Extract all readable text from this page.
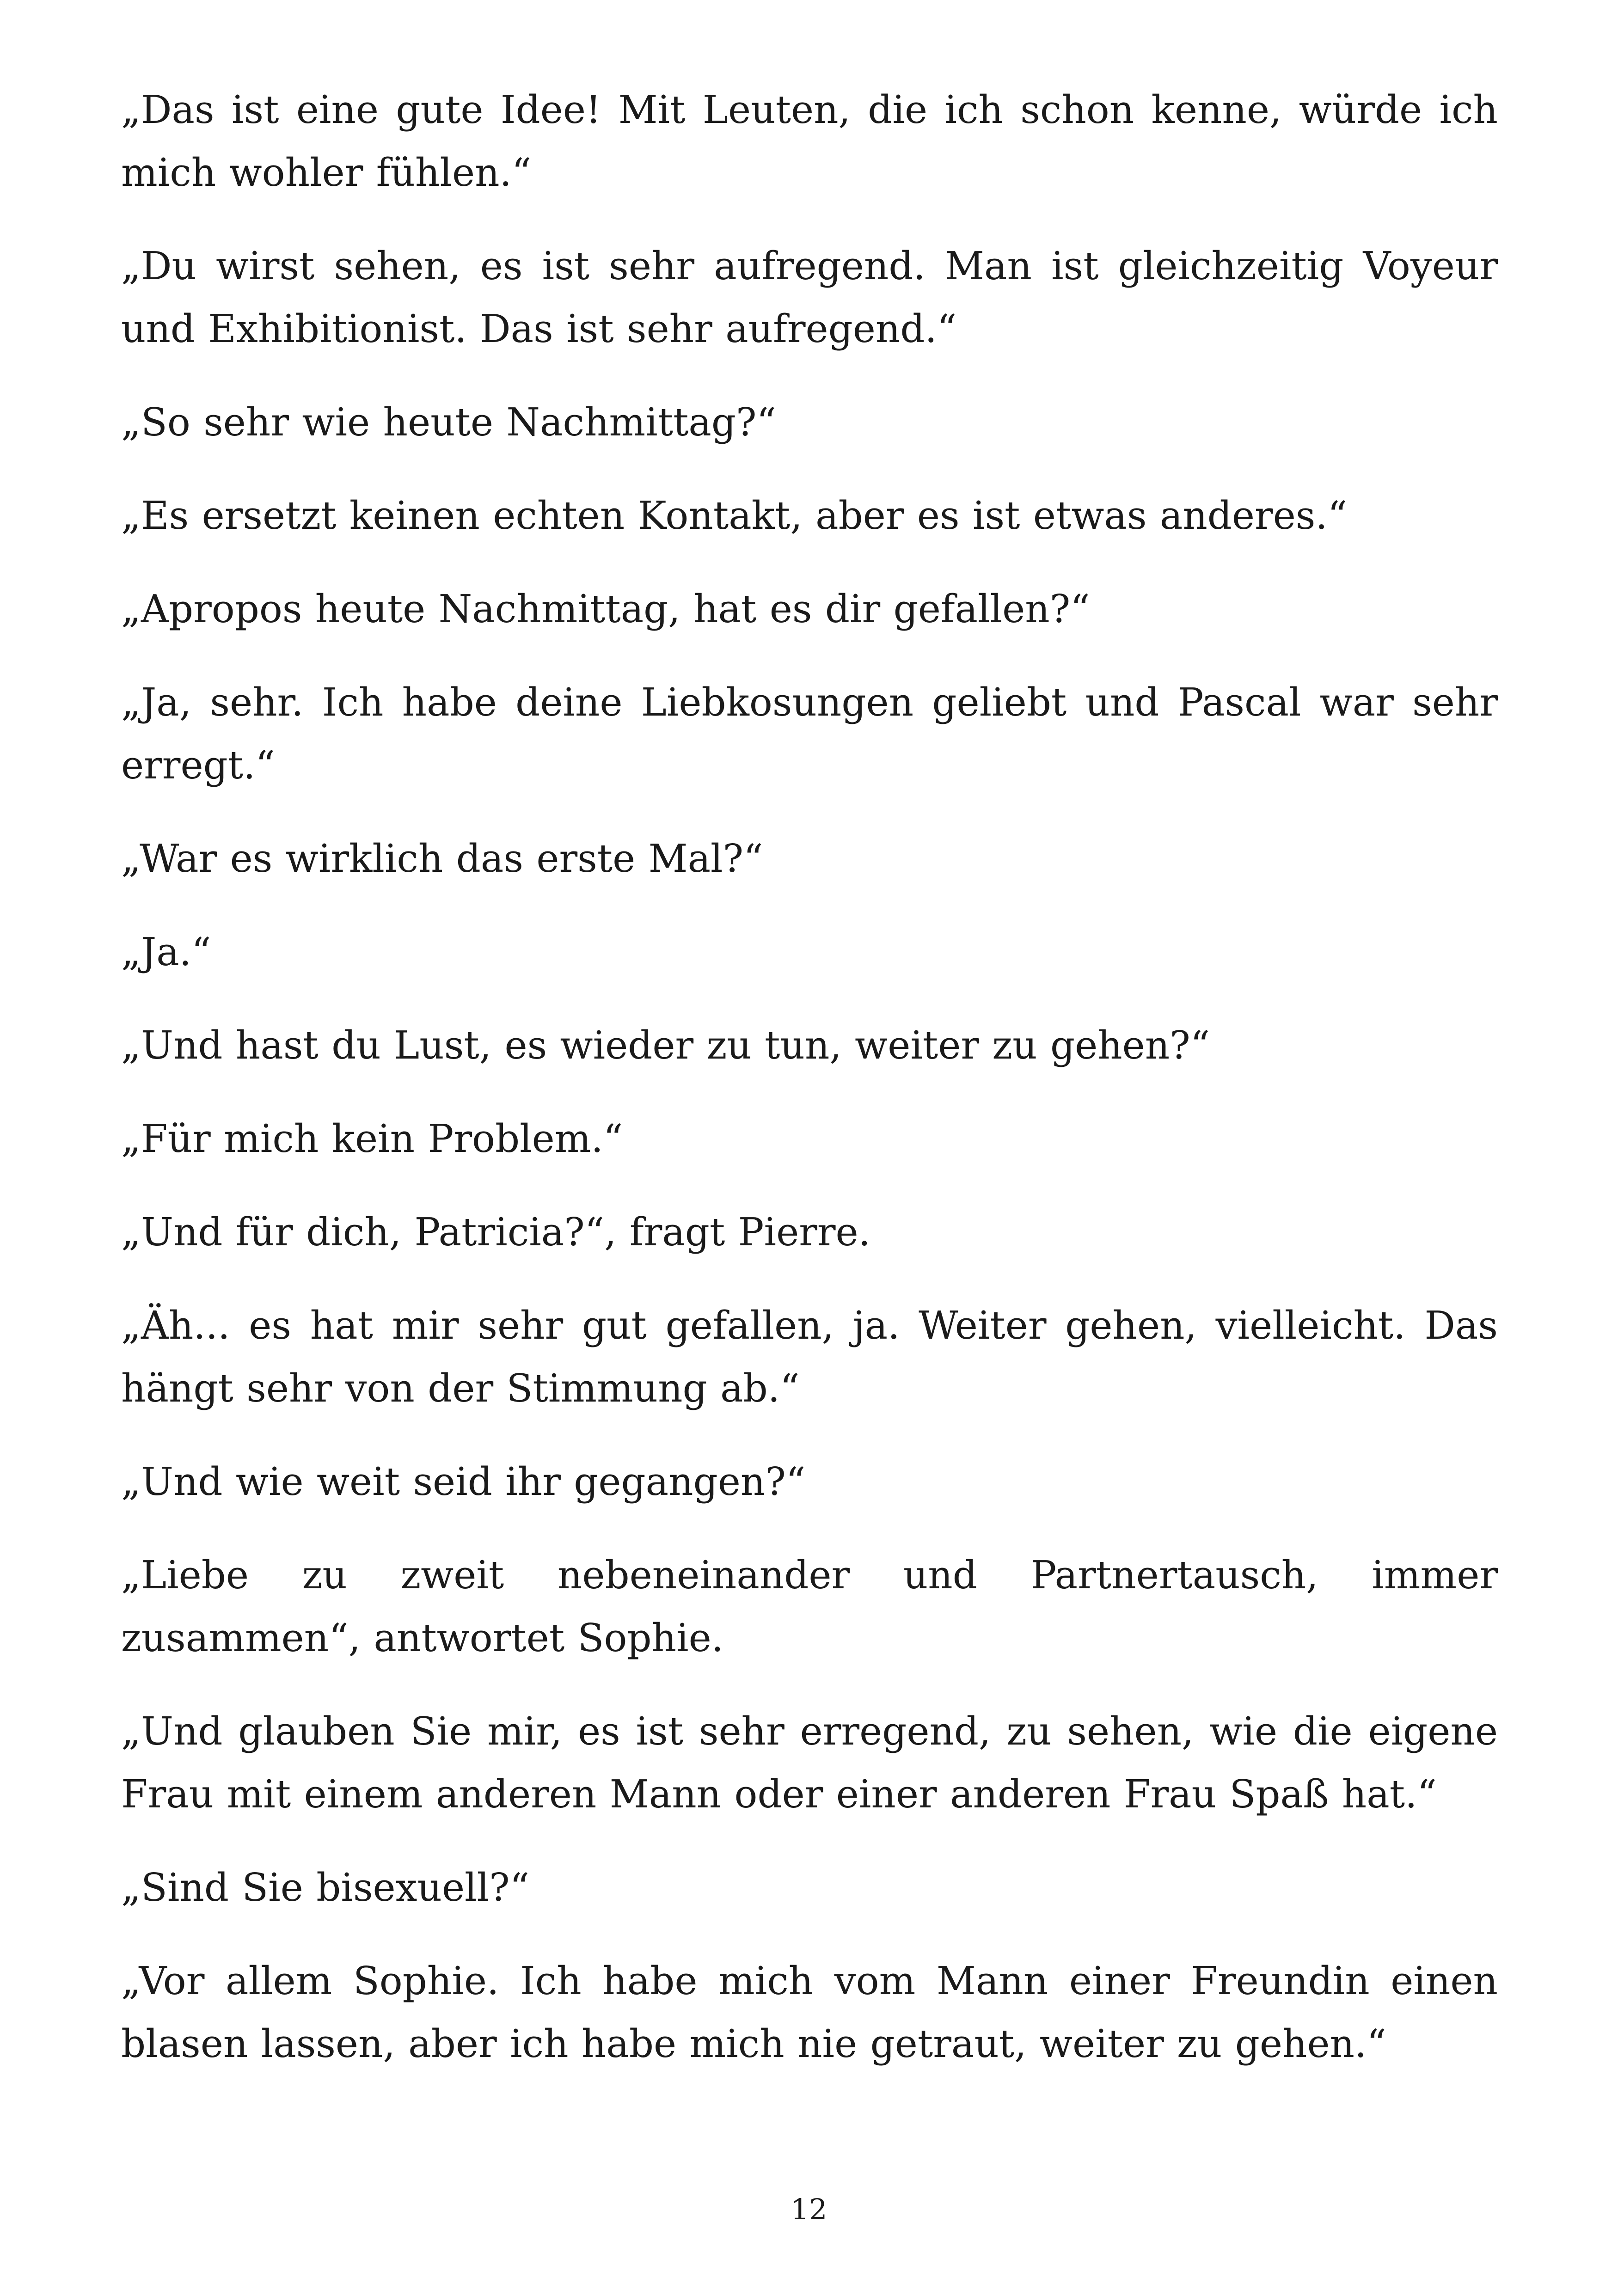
„Das ist eine gute Idee! Mit Leuten, die ich schon kenne, würde ich mich wohler fühlen.“

„Du wirst sehen, es ist sehr aufregend. Man ist gleichzeitig Voyeur und Exhibitionist. Das ist sehr aufregend.“

„So sehr wie heute Nachmittag?“

„Es ersetzt keinen echten Kontakt, aber es ist etwas anderes.“

„Apropos heute Nachmittag, hat es dir gefallen?“

„Ja, sehr. Ich habe deine Liebkosungen geliebt und Pascal war sehr erregt.“

„War es wirklich das erste Mal?“

„Ja.“

„Und hast du Lust, es wieder zu tun, weiter zu gehen?“

„Für mich kein Problem.“

„Und für dich, Patricia?“, fragt Pierre.

„Äh... es hat mir sehr gut gefallen, ja. Weiter gehen, vielleicht. Das hängt sehr von der Stimmung ab.“

„Und wie weit seid ihr gegangen?“

„Liebe zu zweit nebeneinander und Partnertausch, immer zusammen“, antwortet Sophie.

„Und glauben Sie mir, es ist sehr erregend, zu sehen, wie die eigene Frau mit einem anderen Mann oder einer anderen Frau Spaß hat.“

„Sind Sie bisexuell?“

„Vor allem Sophie. Ich habe mich vom Mann einer Freundin einen blasen lassen, aber ich habe mich nie getraut, weiter zu gehen.“

12
